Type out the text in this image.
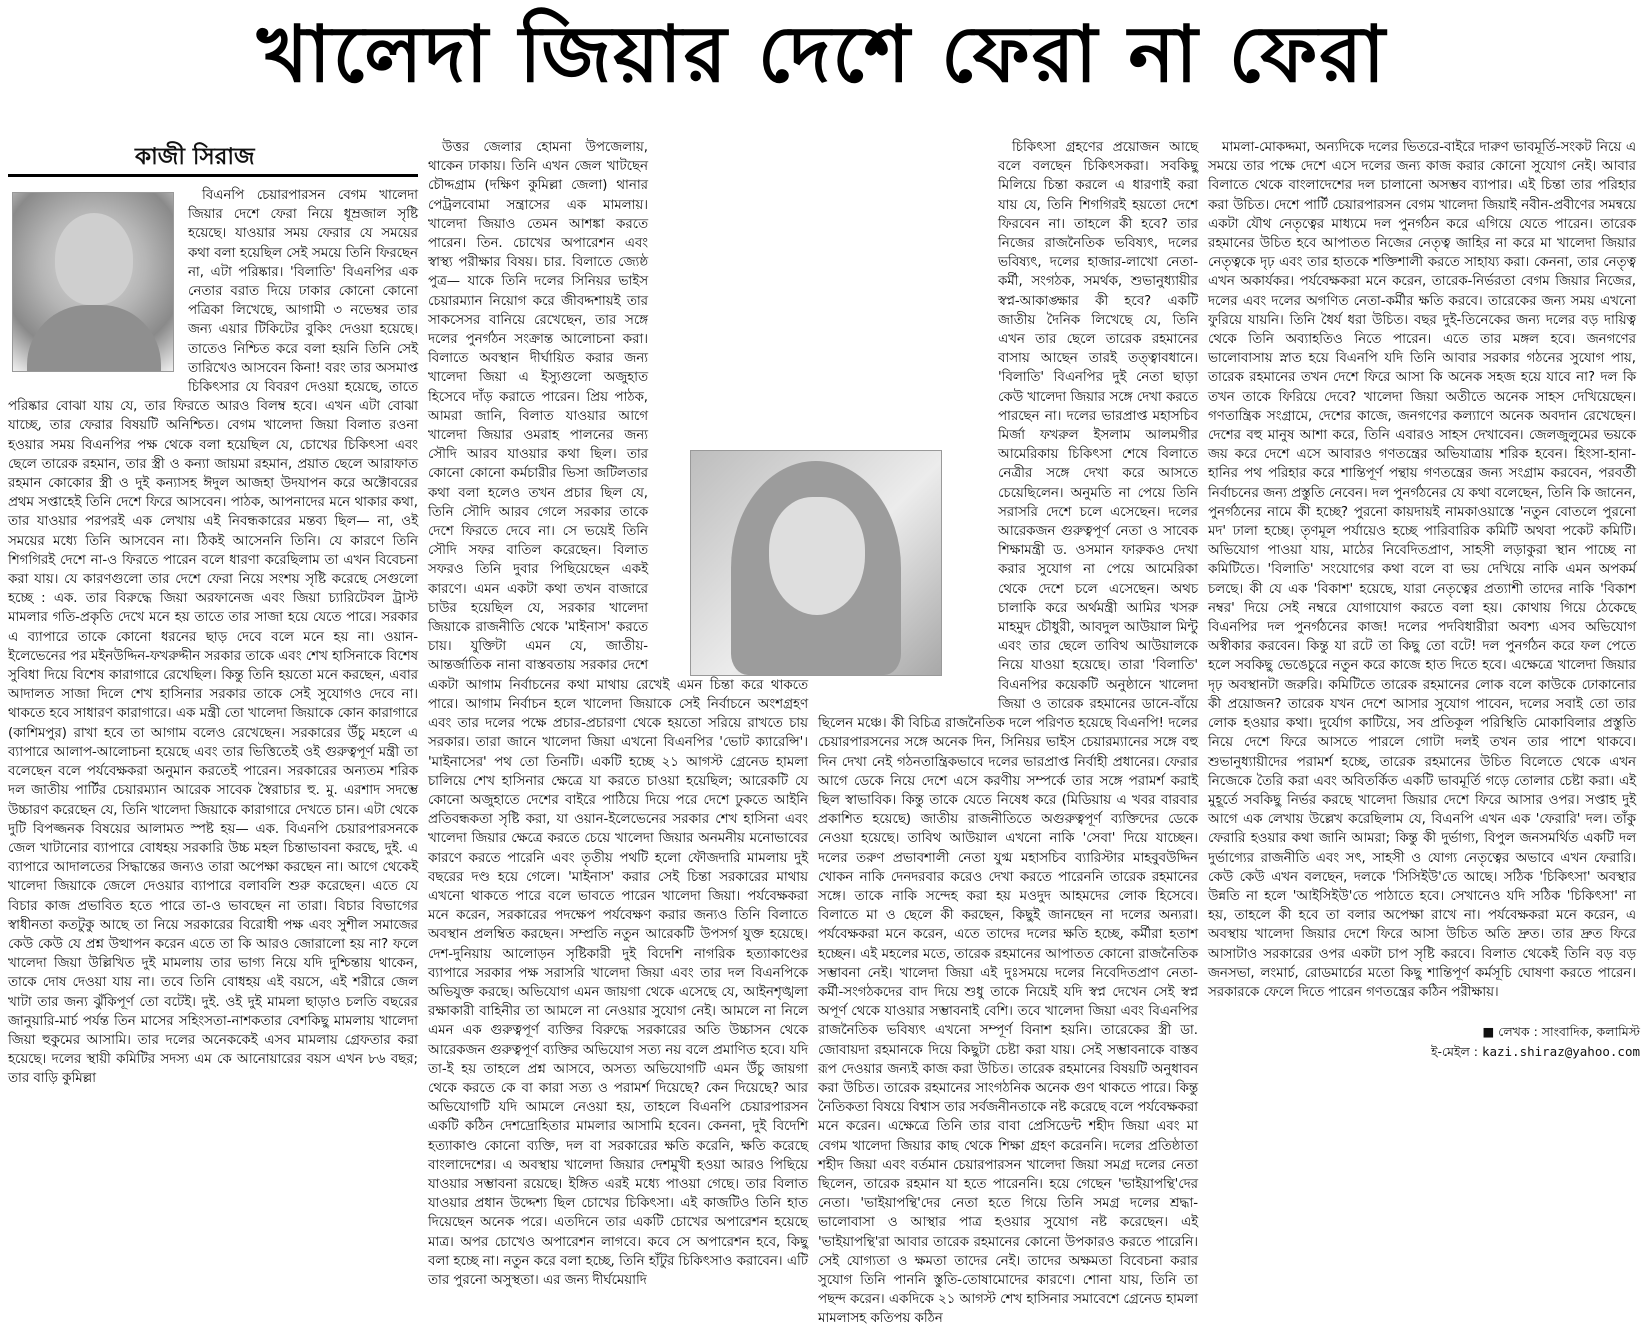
খালেদা জিয়ার দেশে ফেরা না ফেরা
কাজী সিরাজ

বিএনপি চেয়ারপারসন বেগম খালেদা জিয়ার দেশে ফেরা নিয়ে ধূম্রজাল সৃষ্টি হয়েছে। যাওয়ার সময় ফেরার যে সময়ের কথা বলা হয়েছিল সেই সময়ে তিনি ফিরছেন না, এটা পরিষ্কার। 'বিলাতি' বিএনপির এক নেতার বরাত দিয়ে ঢাকার কোনো কোনো পত্রিকা লিখেছে, আগামী ৩ নভেম্বর তার জন্য এয়ার টিকিটের বুকিং দেওয়া হয়েছে। তাতেও নিশ্চিত করে বলা হয়নি তিনি সেই তারিখেও আসবেন কিনা! বরং তার অসমাপ্ত চিকিৎসার যে বিবরণ দেওয়া হয়েছে, তাতে পরিষ্কার বোঝা যায় যে, তার ফিরতে আরও বিলম্ব হবে। এখন এটা বোঝা যাচ্ছে, তার ফেরার বিষয়টি অনিশ্চিত। বেগম খালেদা জিয়া বিলাত রওনা হওয়ার সময় বিএনপির পক্ষ থেকে বলা হয়েছিল যে, চোখের চিকিৎসা এবং ছেলে তারেক রহমান, তার স্ত্রী ও কন্যা জায়মা রহমান, প্রয়াত ছেলে আরাফাত রহমান কোকোর স্ত্রী ও দুই কন্যাসহ ঈদুল আজহা উদযাপন করে অক্টোবরের প্রথম সপ্তাহেই তিনি দেশে ফিরে আসবেন। পাঠক, আপনাদের মনে থাকার কথা, তার যাওয়ার পরপরই এক লেখায় এই নিবন্ধকারের মন্তব্য ছিল— না, ওই সময়ের মধ্যে তিনি আসবেন না। ঠিকই আসেননি তিনি। যে কারণে তিনি শিগগিরই দেশে না-ও ফিরতে পারেন বলে ধারণা করেছিলাম তা এখন বিবেচনা করা যায়। যে কারণগুলো তার দেশে ফেরা নিয়ে সংশয় সৃষ্টি করেছে সেগুলো হচ্ছে : এক. তার বিরুদ্ধে জিয়া অরফানেজ এবং জিয়া চ্যারিটেবল ট্রাস্ট মামলার গতি-প্রকৃতি দেখে মনে হয় তাতে তার সাজা হয়ে যেতে পারে। সরকার এ ব্যাপারে তাকে কোনো ধরনের ছাড় দেবে বলে মনে হয় না। ওয়ান-ইলেভেনের পর মইনউদ্দিন-ফখরুদ্দীন সরকার তাকে এবং শেখ হাসিনাকে বিশেষ সুবিধা দিয়ে বিশেষ কারাগারে রেখেছিল। কিন্তু তিনি হয়তো মনে করছেন, এবার আদালত সাজা দিলে শেখ হাসিনার সরকার তাকে সেই সুযোগও দেবে না। থাকতে হবে সাধারণ কারাগারে। এক মন্ত্রী তো খালেদা জিয়াকে কোন কারাগারে (কাশিমপুর) রাখা হবে তা আগাম বলেও রেখেছেন। সরকারের উঁচু মহলে এ ব্যাপারে আলাপ-আলোচনা হয়েছে এবং তার ভিত্তিতেই ওই গুরুত্বপূর্ণ মন্ত্রী তা বলেছেন বলে পর্যবেক্ষকরা অনুমান করতেই পারেন। সরকারের অন্যতম শরিক দল জাতীয় পার্টির চেয়ারম্যান আরেক সাবেক স্বৈরাচার হু. মু. এরশাদ সদম্ভে উচ্চারণ করেছেন যে, তিনি খালেদা জিয়াকে কারাগারে দেখতে চান। এটা থেকে দুটি বিপজ্জনক বিষয়ের আলামত স্পষ্ট হয়— এক. বিএনপি চেয়ারপারসনকে জেল খাটানোর ব্যাপারে বোধহয় সরকারি উচ্চ মহল চিন্তাভাবনা করছে, দুই. এ ব্যাপারে আদালতের সিদ্ধান্তের জন্যও তারা অপেক্ষা করছেন না। আগে থেকেই খালেদা জিয়াকে জেলে দেওয়ার ব্যাপারে বলাবলি শুরু করেছেন। এতে যে বিচার কাজ প্রভাবিত হতে পারে তা-ও ভাবছেন না তারা। বিচার বিভাগের স্বাধীনতা কতটুকু আছে তা নিয়ে সরকারের বিরোধী পক্ষ এবং সুশীল সমাজের কেউ কেউ যে প্রশ্ন উত্থাপন করেন এতে তা কি আরও জোরালো হয় না? ফলে খালেদা জিয়া উল্লিখিত দুই মামলায় তার ভাগ্য নিয়ে যদি দুশ্চিন্তায় থাকেন, তাকে দোষ দেওয়া যায় না। তবে তিনি বোধহয় এই বয়সে, এই শরীরে জেল খাটা তার জন্য ঝুঁকিপূর্ণ তো বটেই। দুই. ওই দুই মামলা ছাড়াও চলতি বছরের জানুয়ারি-মার্চ পর্যন্ত তিন মাসের সহিংসতা-নাশকতার বেশকিছু মামলায় খালেদা জিয়া হুকুমের আসামি। তার দলের অনেককেই এসব মামলায় গ্রেফতার করা হয়েছে। দলের স্থায়ী কমিটির সদস্য এম কে আনোয়ারের বয়স এখন ৮৬ বছর; তার বাড়ি কুমিল্লা

উত্তর জেলার হোমনা উপজেলায়, থাকেন ঢাকায়। তিনি এখন জেল খাটছেন চৌদ্দগ্রাম (দক্ষিণ কুমিল্লা জেলা) থানার পেট্রলবোমা সন্ত্রাসের এক মামলায়। খালেদা জিয়াও তেমন আশঙ্কা করতে পারেন। তিন. চোখের অপারেশন এবং স্বাস্থ্য পরীক্ষার বিষয়। চার. বিলাতে জ্যেষ্ঠ পুত্র— যাকে তিনি দলের সিনিয়র ভাইস চেয়ারম্যান নিয়োগ করে জীবদ্দশায়ই তার সাকসেসর বানিয়ে রেখেছেন, তার সঙ্গে দলের পুনর্গঠন সংক্রান্ত আলোচনা করা। বিলাতে অবস্থান দীর্ঘায়িত করার জন্য খালেদা জিয়া এ ইস্যুগুলো অজুহাত হিসেবে দাঁড় করাতে পারেন। প্রিয় পাঠক, আমরা জানি, বিলাত যাওয়ার আগে খালেদা জিয়ার ওমরাহ পালনের জন্য সৌদি আরব যাওয়ার কথা ছিল। তার কোনো কোনো কর্মচারীর ভিসা জটিলতার কথা বলা হলেও তখন প্রচার ছিল যে, তিনি সৌদি আরব গেলে সরকার তাকে দেশে ফিরতে দেবে না। সে ভয়েই তিনি সৌদি সফর বাতিল করেছেন। বিলাত সফরও তিনি দুবার পিছিয়েছেন একই কারণে। এমন একটা কথা তখন বাজারে চাউর হয়েছিল যে, সরকার খালেদা জিয়াকে রাজনীতি থেকে 'মাইনাস' করতে চায়। যুক্তিটা এমন যে, জাতীয়-আন্তর্জাতিক নানা বাস্তবতায় সরকার দেশে একটা আগাম নির্বাচনের কথা মাথায় রেখেই এমন চিন্তা করে থাকতে পারে। আগাম নির্বাচন হলে খালেদা জিয়াকে সেই নির্বাচনে অংশগ্রহণ এবং তার দলের পক্ষে প্রচার-প্রচারণা থেকে হয়তো সরিয়ে রাখতে চায় সরকার। তারা জানে খালেদা জিয়া এখনো বিএনপির 'ভোট ক্যারেন্সি'। 'মাইনাসের' পথ তো তিনটি। একটি হচ্ছে ২১ আগস্ট গ্রেনেড হামলা চালিয়ে শেখ হাসিনার ক্ষেত্রে যা করতে চাওয়া হয়েছিল; আরেকটি যে কোনো অজুহাতে দেশের বাইরে পাঠিয়ে দিয়ে পরে দেশে ঢুকতে আইনি প্রতিবন্ধকতা সৃষ্টি করা, যা ওয়ান-ইলেভেনের সরকার শেখ হাসিনা এবং খালেদা জিয়ার ক্ষেত্রে করতে চেয়ে খালেদা জিয়ার অনমনীয় মনোভাবের কারণে করতে পারেনি এবং তৃতীয় পথটি হলো ফৌজদারি মামলায় দুই বছরের দণ্ড হয়ে গেলে। 'মাইনাস' করার সেই চিন্তা সরকারের মাথায় এখনো থাকতে পারে বলে ভাবতে পারেন খালেদা জিয়া। পর্যবেক্ষকরা মনে করেন, সরকারের পদক্ষেপ পর্যবেক্ষণ করার জন্যও তিনি বিলাতে অবস্থান প্রলম্বিত করছেন। সম্প্রতি নতুন আরেকটি উপসর্গ যুক্ত হয়েছে। দেশ-দুনিয়ায় আলোড়ন সৃষ্টিকারী দুই বিদেশি নাগরিক হত্যাকাণ্ডের ব্যাপারে সরকার পক্ষ সরাসরি খালেদা জিয়া এবং তার দল বিএনপিকে অভিযুক্ত করছে। অভিযোগ এমন জায়গা থেকে এসেছে যে, আইনশৃঙ্খলা রক্ষাকারী বাহিনীর তা আমলে না নেওয়ার সুযোগ নেই। আমলে না নিলে এমন এক গুরুত্বপূর্ণ ব্যক্তির বিরুদ্ধে সরকারের অতি উচ্চাসন থেকে আরেকজন গুরুত্বপূর্ণ ব্যক্তির অভিযোগ সত্য নয় বলে প্রমাণিত হবে। যদি তা-ই হয় তাহলে প্রশ্ন আসবে, অসত্য অভিযোগটি এমন উঁচু জায়গা থেকে করতে কে বা কারা সত্য ও পরামর্শ দিয়েছে? কেন দিয়েছে? আর অভিযোগটি যদি আমলে নেওয়া হয়, তাহলে বিএনপি চেয়ারপারসন একটি কঠিন দেশদ্রোহিতার মামলার আসামি হবেন। কেননা, দুই বিদেশি হত্যাকাণ্ড কোনো ব্যক্তি, দল বা সরকারের ক্ষতি করেনি, ক্ষতি করেছে বাংলাদেশের। এ অবস্থায় খালেদা জিয়ার দেশমুখী হওয়া আরও পিছিয়ে যাওয়ার সম্ভাবনা রয়েছে। ইঙ্গিত এরই মধ্যে পাওয়া গেছে। তার বিলাত যাওয়ার প্রধান উদ্দেশ্য ছিল চোখের চিকিৎসা। এই কাজটিও তিনি হাত দিয়েছেন অনেক পরে। এতদিনে তার একটি চোখের অপারেশন হয়েছে মাত্র। অপর চোখেও অপারেশন লাগবে। কবে সে অপারেশন হবে, কিছু বলা হচ্ছে না। নতুন করে বলা হচ্ছে, তিনি হাঁটুর চিকিৎসাও করাবেন। এটি তার পুরনো অসুস্থতা। এর জন্য দীর্ঘমেয়াদি

চিকিৎসা গ্রহণের প্রয়োজন আছে বলে বলছেন চিকিৎসকরা। সবকিছু মিলিয়ে চিন্তা করলে এ ধারণাই করা যায় যে, তিনি শিগগিরই হয়তো দেশে ফিরবেন না। তাহলে কী হবে? তার নিজের রাজনৈতিক ভবিষ্যৎ, দলের ভবিষ্যৎ, দলের হাজার-লাখো নেতা-কর্মী, সংগঠক, সমর্থক, শুভানুধ্যায়ীর স্বপ্ন-আকাঙ্ক্ষার কী হবে? একটি জাতীয় দৈনিক লিখেছে যে, তিনি এখন তার ছেলে তারেক রহমানের বাসায় আছেন তারই তত্ত্বাবধানে। 'বিলাতি' বিএনপির দুই নেতা ছাড়া কেউ খালেদা জিয়ার সঙ্গে দেখা করতে পারছেন না। দলের ভারপ্রাপ্ত মহাসচিব মির্জা ফখরুল ইসলাম আলমগীর আমেরিকায় চিকিৎসা শেষে বিলাতে নেত্রীর সঙ্গে দেখা করে আসতে চেয়েছিলেন। অনুমতি না পেয়ে তিনি সরাসরি দেশে চলে এসেছেন। দলের আরেকজন গুরুত্বপূর্ণ নেতা ও সাবেক শিক্ষামন্ত্রী ড. ওসমান ফারুকও দেখা করার সুযোগ না পেয়ে আমেরিকা থেকে দেশে চলে এসেছেন। অথচ চালাকি করে অর্থমন্ত্রী আমির খসরু মাহমুদ চৌধুরী, আবদুল আউয়াল মিন্টু এবং তার ছেলে তাবিথ আউয়ালকে নিয়ে যাওয়া হয়েছে। তারা 'বিলাতি' বিএনপির কয়েকটি অনুষ্ঠানে খালেদা জিয়া ও তারেক রহমানের ডানে-বাঁয়ে ছিলেন মঞ্চে। কী বিচিত্র রাজনৈতিক দলে পরিণত হয়েছে বিএনপি! দলের চেয়ারপারসনের সঙ্গে অনেক দিন, সিনিয়র ভাইস চেয়ারম্যানের সঙ্গে বহু দিন দেখা নেই গঠনতান্ত্রিকভাবে দলের ভারপ্রাপ্ত নির্বাহী প্রধানের। ফেরার আগে ডেকে নিয়ে দেশে এসে করণীয় সম্পর্কে তার সঙ্গে পরামর্শ করাই ছিল স্বাভাবিক। কিন্তু তাকে যেতে নিষেধ করে (মিডিয়ায় এ খবর বারবার প্রকাশিত হয়েছে) জাতীয় রাজনীতিতে অগুরুত্বপূর্ণ ব্যক্তিদের ডেকে নেওয়া হয়েছে। তাবিথ আউয়াল এখনো নাকি 'সেবা' দিয়ে যাচ্ছেন। দলের তরুণ প্রভাবশালী নেতা যুগ্ম মহাসচিব ব্যারিস্টার মাহবুবউদ্দিন খোকন নাকি দেনদরবার করেও দেখা করতে পারেননি তারেক রহমানের সঙ্গে। তাকে নাকি সন্দেহ করা হয় মওদুদ আহমদের লোক হিসেবে। বিলাতে মা ও ছেলে কী করছেন, কিছুই জানছেন না দলের অন্যরা। পর্যবেক্ষকরা মনে করেন, এতে তাদের দলের ক্ষতি হচ্ছে, কর্মীরা হতাশ হচ্ছেন। এই মহলের মতে, তারেক রহমানের আপাতত কোনো রাজনৈতিক সম্ভাবনা নেই। খালেদা জিয়া এই দুঃসময়ে দলের নিবেদিতপ্রাণ নেতা-কর্মী-সংগঠকদের বাদ দিয়ে শুধু তাকে নিয়েই যদি স্বপ্ন দেখেন সেই স্বপ্ন অপূর্ণ থেকে যাওয়ার সম্ভাবনাই বেশি। তবে খালেদা জিয়া এবং বিএনপির রাজনৈতিক ভবিষ্যৎ এখনো সম্পূর্ণ বিনাশ হয়নি। তারেকের স্ত্রী ডা. জোবায়দা রহমানকে দিয়ে কিছুটা চেষ্টা করা যায়। সেই সম্ভাবনাকে বাস্তব রূপ দেওয়ার জন্যই কাজ করা উচিত। তারেক রহমানের বিষয়টি অনুধাবন করা উচিত। তারেক রহমানের সাংগঠনিক অনেক গুণ থাকতে পারে। কিন্তু নৈতিকতা বিষয়ে বিশ্বাস তার সর্বজনীনতাকে নষ্ট করেছে বলে পর্যবেক্ষকরা মনে করেন। এক্ষেত্রে তিনি তার বাবা প্রেসিডেন্ট শহীদ জিয়া এবং মা বেগম খালেদা জিয়ার কাছ থেকে শিক্ষা গ্রহণ করেননি। দলের প্রতিষ্ঠাতা শহীদ জিয়া এবং বর্তমান চেয়ারপারসন খালেদা জিয়া সমগ্র দলের নেতা ছিলেন, তারেক রহমান যা হতে পারেননি। হয়ে গেছেন 'ভাইয়াপন্থি'দের নেতা। 'ভাইয়াপন্থি'দের নেতা হতে গিয়ে তিনি সমগ্র দলের শ্রদ্ধা-ভালোবাসা ও আস্থার পাত্র হওয়ার সুযোগ নষ্ট করেছেন। এই 'ভাইয়াপন্থি'রা আবার তারেক রহমানের কোনো উপকারও করতে পারেনি। সেই যোগ্যতা ও ক্ষমতা তাদের নেই। তাদের অক্ষমতা বিবেচনা করার সুযোগ তিনি পাননি স্তুতি-তোষামোদের কারণে। শোনা যায়, তিনি তা পছন্দ করেন। একদিকে ২১ আগস্ট শেখ হাসিনার সমাবেশে গ্রেনেড হামলা মামলাসহ কতিপয় কঠিন

মামলা-মোকদ্দমা, অন্যদিকে দলের ভিতরে-বাইরে দারুণ ভাবমূর্তি-সংকট নিয়ে এ সময়ে তার পক্ষে দেশে এসে দলের জন্য কাজ করার কোনো সুযোগ নেই। আবার বিলাতে থেকে বাংলাদেশের দল চালানো অসম্ভব ব্যাপার। এই চিন্তা তার পরিহার করা উচিত। দেশে পার্টি চেয়ারপারসন বেগম খালেদা জিয়াই নবীন-প্রবীণের সমন্বয়ে একটা যৌথ নেতৃত্বের মাধ্যমে দল পুনর্গঠন করে এগিয়ে যেতে পারেন। তারেক রহমানের উচিত হবে আপাতত নিজের নেতৃত্ব জাহির না করে মা খালেদা জিয়ার নেতৃত্বকে দৃঢ় এবং তার হাতকে শক্তিশালী করতে সাহায্য করা। কেননা, তার নেতৃত্ব এখন অকার্যকর। পর্যবেক্ষকরা মনে করেন, তারেক-নির্ভরতা বেগম জিয়ার নিজের, দলের এবং দলের অগণিত নেতা-কর্মীর ক্ষতি করবে। তারেকের জন্য সময় এখনো ফুরিয়ে যায়নি। তিনি ধৈর্য ধরা উচিত। বছর দুই-তিনেকের জন্য দলের বড় দায়িত্ব থেকে তিনি অব্যাহতিও নিতে পারেন। এতে তার মঙ্গল হবে। জনগণের ভালোবাসায় স্নাত হয়ে বিএনপি যদি তিনি আবার সরকার গঠনের সুযোগ পায়, তারেক রহমানের তখন দেশে ফিরে আসা কি অনেক সহজ হয়ে যাবে না? দল কি তখন তাকে ফিরিয়ে দেবে? খালেদা জিয়া অতীতে অনেক সাহস দেখিয়েছেন। গণতান্ত্রিক সংগ্রামে, দেশের কাজে, জনগণের কল্যাণে অনেক অবদান রেখেছেন। দেশের বহু মানুষ আশা করে, তিনি এবারও সাহস দেখাবেন। জেলজুলুমের ভয়কে জয় করে দেশে এসে আবারও গণতন্ত্রের অভিযাত্রায় শরিক হবেন। হিংসা-হানা-হানির পথ পরিহার করে শান্তিপূর্ণ পন্থায় গণতন্ত্রের জন্য সংগ্রাম করবেন, পরবর্তী নির্বাচনের জন্য প্রস্তুতি নেবেন। দল পুনর্গঠনের যে কথা বলেছেন, তিনি কি জানেন, পুনর্গঠনের নামে কী হচ্ছে? পুরনো কায়দায়ই নামকাওয়াস্তে 'নতুন বোতলে পুরনো মদ' ঢালা হচ্ছে। তৃণমূল পর্যায়েও হচ্ছে পারিবারিক কমিটি অথবা পকেট কমিটি। অভিযোগ পাওয়া যায়, মাঠের নিবেদিতপ্রাণ, সাহসী লড়াকুরা স্থান পাচ্ছে না কমিটিতে। 'বিলাতি' সংযোগের কথা বলে বা ভয় দেখিয়ে নাকি এমন অপকর্ম চলছে। কী যে এক 'বিকাশ' হয়েছে, যারা নেতৃত্বের প্রত্যাশী তাদের নাকি 'বিকাশ নম্বর' দিয়ে সেই নম্বরে যোগাযোগ করতে বলা হয়। কোথায় গিয়ে ঠেকেছে বিএনপির দল পুনর্গঠনের কাজ! দলের পদবিধারীরা অবশ্য এসব অভিযোগ অস্বীকার করবেন। কিন্তু যা রটে তা কিছু তো বটে! দল পুনর্গঠন করে ফল পেতে হলে সবকিছু ভেঙেচুরে নতুন করে কাজে হাত দিতে হবে। এক্ষেত্রে খালেদা জিয়ার দৃঢ় অবস্থানটা জরুরি। কমিটিতে তারেক রহমানের লোক বলে কাউকে ঢোকানোর কী প্রয়োজন? তারেক যখন দেশে আসার সুযোগ পাবেন, দলের সবাই তো তার লোক হওয়ার কথা। দুর্যোগ কাটিয়ে, সব প্রতিকূল পরিস্থিতি মোকাবিলার প্রস্তুতি নিয়ে দেশে ফিরে আসতে পারলে গোটা দলই তখন তার পাশে থাকবে। শুভানুধ্যায়ীদের পরামর্শ হচ্ছে, তারেক রহমানের উচিত বিলেতে থেকে এখন নিজেকে তৈরি করা এবং অবিতর্কিত একটি ভাবমূর্তি গড়ে তোলার চেষ্টা করা। এই মুহূর্তে সবকিছু নির্ভর করছে খালেদা জিয়ার দেশে ফিরে আসার ওপর। সপ্তাহ দুই আগে এক লেখায় উল্লেখ করেছিলাম যে, বিএনপি এখন এক 'ফেরারি' দল। তাঁকু ফেরারি হওয়ার কথা জানি আমরা; কিন্তু কী দুর্ভাগ্য, বিপুল জনসমর্থিত একটি দল দুর্ভাগ্যের রাজনীতি এবং সৎ, সাহসী ও যোগ্য নেতৃত্বের অভাবে এখন ফেরারি। কেউ কেউ এখন বলছেন, দলকে 'সিসিইউ'তে আছে। সঠিক 'চিকিৎসা' অবস্থার উন্নতি না হলে 'আইসিইউ'তে পাঠাতে হবে। সেখানেও যদি সঠিক 'চিকিৎসা' না হয়, তাহলে কী হবে তা বলার অপেক্ষা রাখে না। পর্যবেক্ষকরা মনে করেন, এ অবস্থায় খালেদা জিয়ার দেশে ফিরে আসা উচিত অতি দ্রুত। তার দ্রুত ফিরে আসাটাও সরকারের ওপর একটা চাপ সৃষ্টি করবে। বিলাত থেকেই তিনি বড় বড় জনসভা, লংমার্চ, রোডমার্চের মতো কিছু শান্তিপূর্ণ কর্মসূচি ঘোষণা করতে পারেন। সরকারকে ফেলে দিতে পারেন গণতন্ত্রের কঠিন পরীক্ষায়।

■ লেখক : সাংবাদিক, কলামিস্ট
ই-মেইল : kazi.shiraz@yahoo.com
